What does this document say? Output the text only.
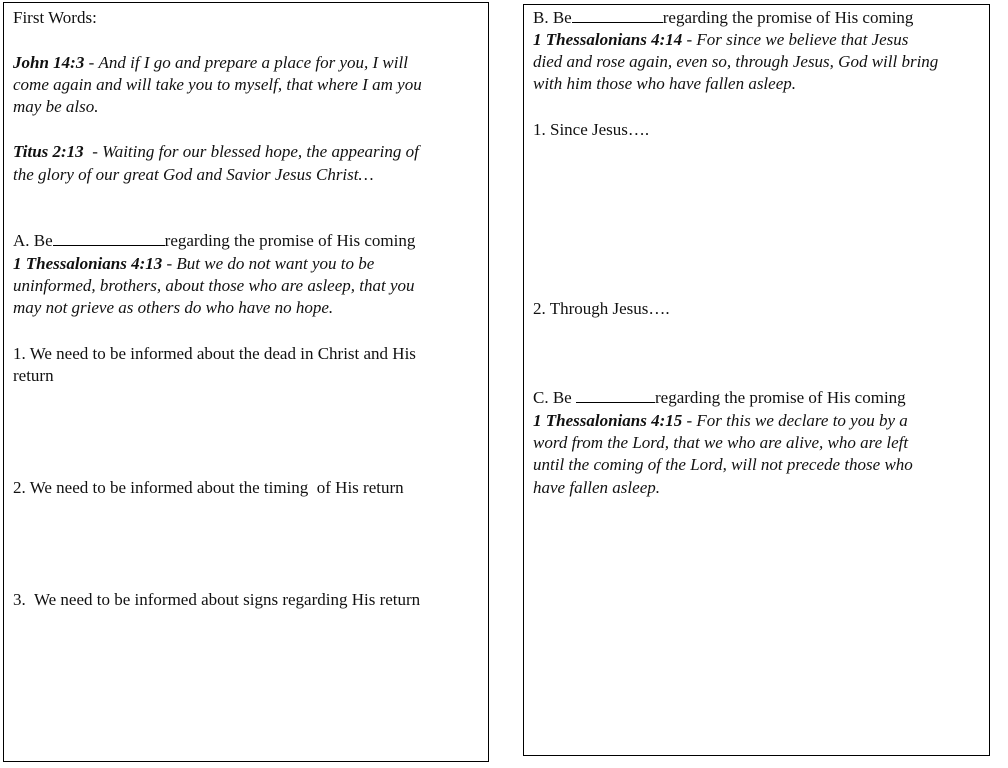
First Words:
John 14:3 - And if I go and prepare a place for you, I will
come again and will take you to myself, that where I am you
may be also.
Titus 2:13  - Waiting for our blessed hope, the appearing of
the glory of our great God and Savior Jesus Christ…
A. Be	regarding the promise of His coming
1 Thessalonians 4:13 - But we do not want you to be
uninformed, brothers, about those who are asleep, that you
may not grieve as others do who have no hope.
1. We need to be informed about the dead in Christ and His
return
2. We need to be informed about the timing  of His return
3.  We need to be informed about signs regarding His return
B. Be	regarding the promise of His coming
1 Thessalonians 4:14 - For since we believe that Jesus
died and rose again, even so, through Jesus, God will bring
with him those who have fallen asleep.
1. Since Jesus….
2. Through Jesus….
C. Be	regarding the promise of His coming
1 Thessalonians 4:15 - For this we declare to you by a
word from the Lord, that we who are alive, who are left
until the coming of the Lord, will not precede those who
have fallen asleep.
